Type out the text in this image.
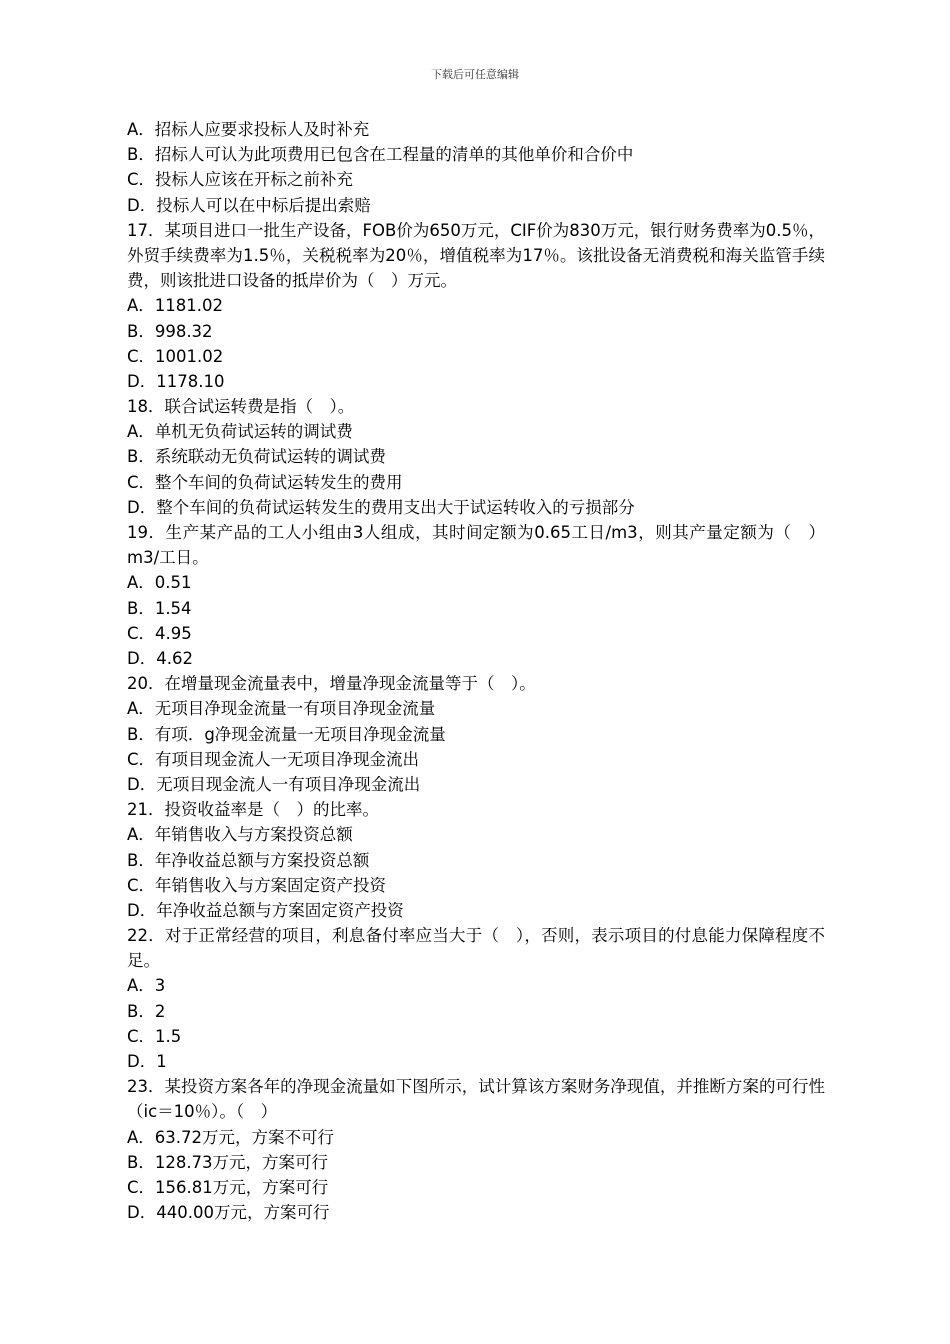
下载后可任意编辑
A．招标人应要求投标人及时补充
B．招标人可认为此项费用已包含在工程量的清单的其他单价和合价中
C．投标人应该在开标之前补充
D．投标人可以在中标后提出索赔
17．某项目进口一批生产设备，FOB价为650万元，CIF价为830万元，银行财务费率为0.5％，外贸手续费率为1.5％，关税税率为20％，增值税率为17％。该批设备无消费税和海关监管手续费，则该批进口设备的抵岸价为（　）万元。
A．1181.02
B．998.32
C．1001.02
D．1178.10
18．联合试运转费是指（　）。
A．单机无负荷试运转的调试费
B．系统联动无负荷试运转的调试费
C．整个车间的负荷试运转发生的费用
D．整个车间的负荷试运转发生的费用支出大于试运转收入的亏损部分
19．生产某产品的工人小组由3人组成，其时间定额为0.65工日/m3，则其产量定额为（　）m3/工日。
A．0.51
B．1.54
C．4.95
D．4.62
20．在增量现金流量表中，增量净现金流量等于（　）。
A．无项目净现金流量一有项目净现金流量
B．有项．g净现金流量一无项目净现金流量
C．有项目现金流人一无项目净现金流出
D．无项目现金流人一有项目净现金流出
21．投资收益率是（　）的比率。
A．年销售收入与方案投资总额
B．年净收益总额与方案投资总额
C．年销售收入与方案固定资产投资
D．年净收益总额与方案固定资产投资
22．对于正常经营的项目，利息备付率应当大于（　），否则，表示项目的付息能力保障程度不足。
A．3
B．2
C．1.5
D．1
23．某投资方案各年的净现金流量如下图所示，试计算该方案财务净现值，并推断方案的可行性（ic＝10％）。（　）
A．63.72万元，方案不可行
B．128.73万元，方案可行
C．156.81万元，方案可行
D．440.00万元，方案可行
